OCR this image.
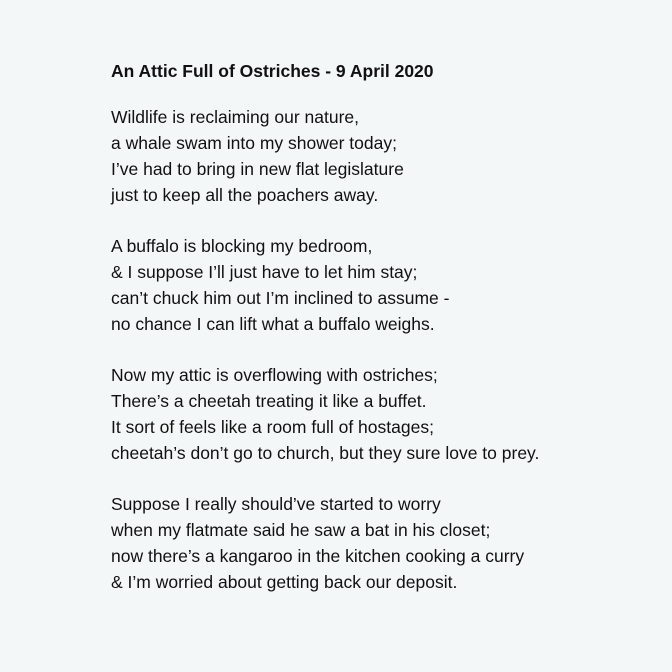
An Attic Full of Ostriches - 9 April 2020
Wildlife is reclaiming our nature,
a whale swam into my shower today;
I’ve had to bring in new flat legislature
just to keep all the poachers away.
A buffalo is blocking my bedroom,
& I suppose I’ll just have to let him stay;
can’t chuck him out I’m inclined to assume -
no chance I can lift what a buffalo weighs.
Now my attic is overflowing with ostriches;
There’s a cheetah treating it like a buffet.
It sort of feels like a room full of hostages;
cheetah’s don’t go to church, but they sure love to prey.
Suppose I really should’ve started to worry
when my flatmate said he saw a bat in his closet;
now there’s a kangaroo in the kitchen cooking a curry
& I’m worried about getting back our deposit.
